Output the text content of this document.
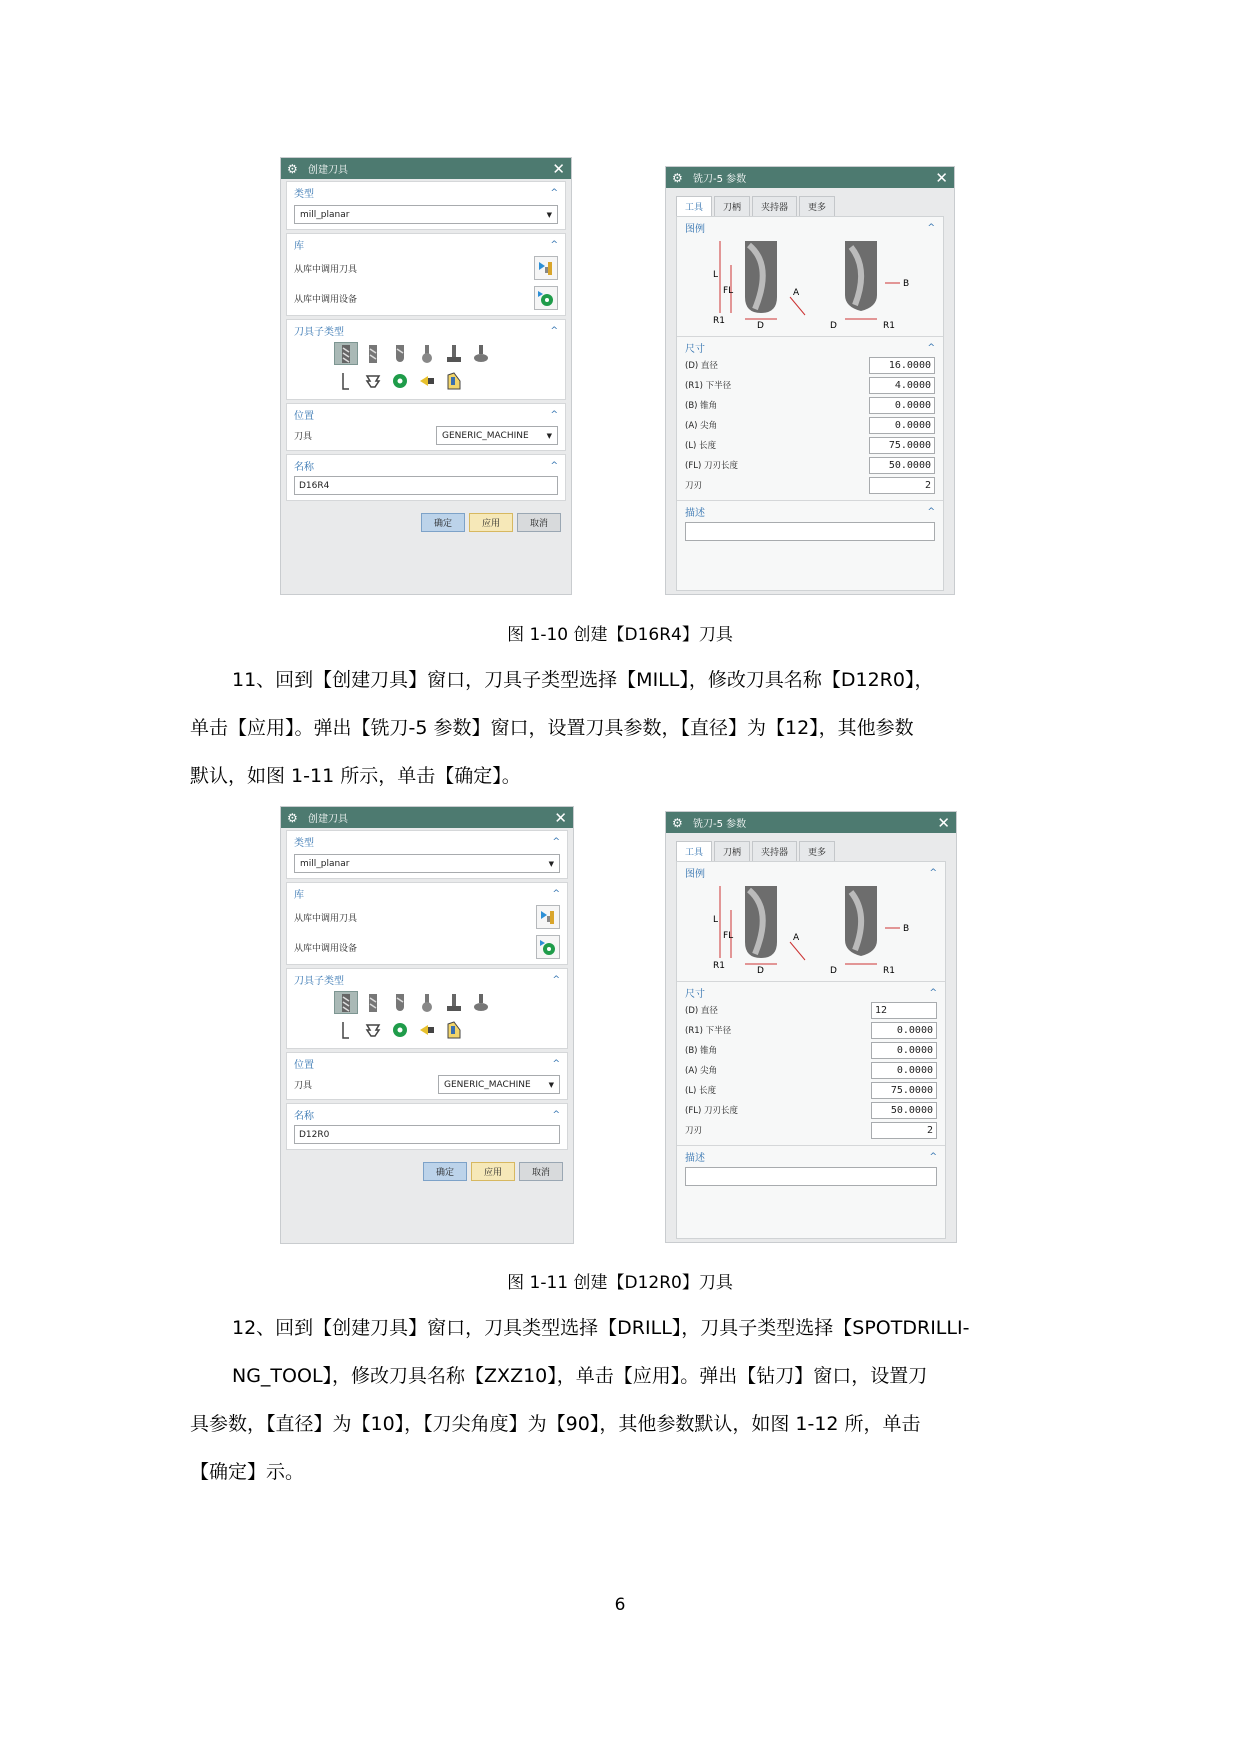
⚙ 创建刀具	✕
类型	^
mill_planar	▼
库	^
从库中调用刀具
从库中调用设备
刀具子类型	^
位置	^
刀具	GENERIC_MACHINE	▼
名称	^
D16R4
确定	应用	取消
⚙ 铣刀-5 参数	✕
工具	刀柄	夹持器	更多
图例	^
L
FL	A
B
R1	D	D	R1
尺寸	^
(D) 直径	16.0000
(R1) 下半径	4.0000
(B) 锥角	0.0000
(A) 尖角	0.0000
(L) 长度	75.0000
(FL) 刀刃长度	50.0000
刀刃	2
描述	^
图 1-10 创建【D16R4】刀具
11、回到【创建刀具】窗口，刀具子类型选择【MILL】，修改刀具名称【D12R0】，
单击【应用】。弹出【铣刀-5 参数】窗口，设置刀具参数，【直径】为【12】，其他参数
默认，如图 1-11 所示，单击【确定】。
⚙ 创建刀具	✕
类型	^
mill_planar	▼
库	^
从库中调用刀具
从库中调用设备
刀具子类型	^
位置	^
刀具	GENERIC_MACHINE	▼
名称	^
D12R0
确定	应用	取消
⚙ 铣刀-5 参数	✕
工具	刀柄	夹持器	更多
图例	^
L
FL	A
B
R1	D	D	R1
尺寸	^
(D) 直径	12
(R1) 下半径	0.0000
(B) 锥角	0.0000
(A) 尖角	0.0000
(L) 长度	75.0000
(FL) 刀刃长度	50.0000
刀刃	2
描述	^
图 1-11 创建【D12R0】刀具
12、回到【创建刀具】窗口，刀具类型选择【DRILL】，刀具子类型选择【SPOTDRILLI-
NG_TOOL】，修改刀具名称【ZXZ10】，单击【应用】。弹出【钻刀】窗口，设置刀
具参数，【直径】为【10】，【刀尖角度】为【90】，其他参数默认，如图 1-12 所，单击
【确定】示。
6
